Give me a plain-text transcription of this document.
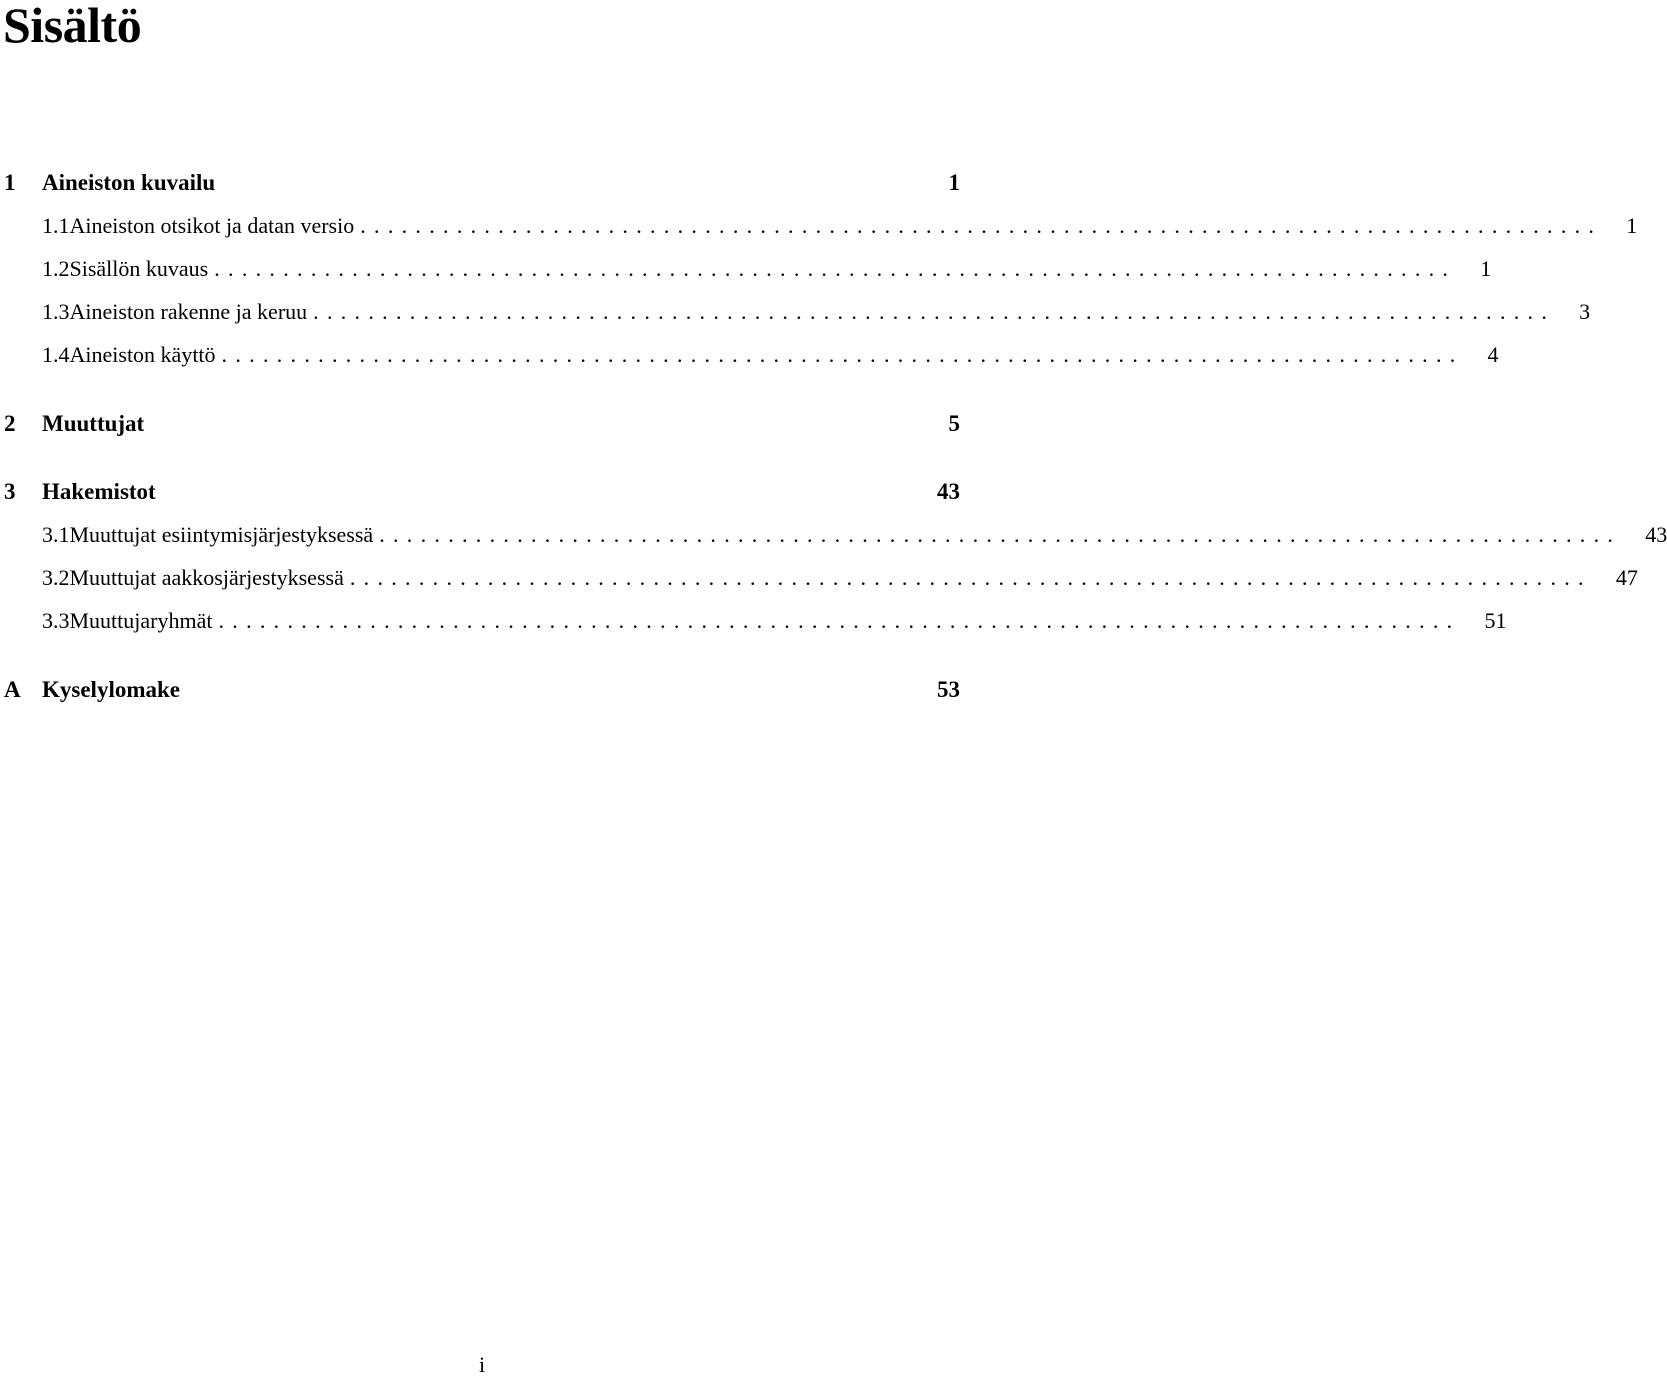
Sisältö
1	Aineiston kuvailu	1
1.1 Aineiston otsikot ja datan versio .......................................................................................... 1
1.2 Sisällön kuvaus .......................................................................................... 1
1.3 Aineiston rakenne ja keruu .......................................................................................... 3
1.4 Aineiston käyttö .......................................................................................... 4
2	Muuttujat	5
3	Hakemistot	43
3.1 Muuttujat esiintymisjärjestyksessä .......................................................................................... 43
3.2 Muuttujat aakkosjärjestyksessä .......................................................................................... 47
3.3 Muuttujaryhmät .......................................................................................... 51
A Kyselylomake	53
i
